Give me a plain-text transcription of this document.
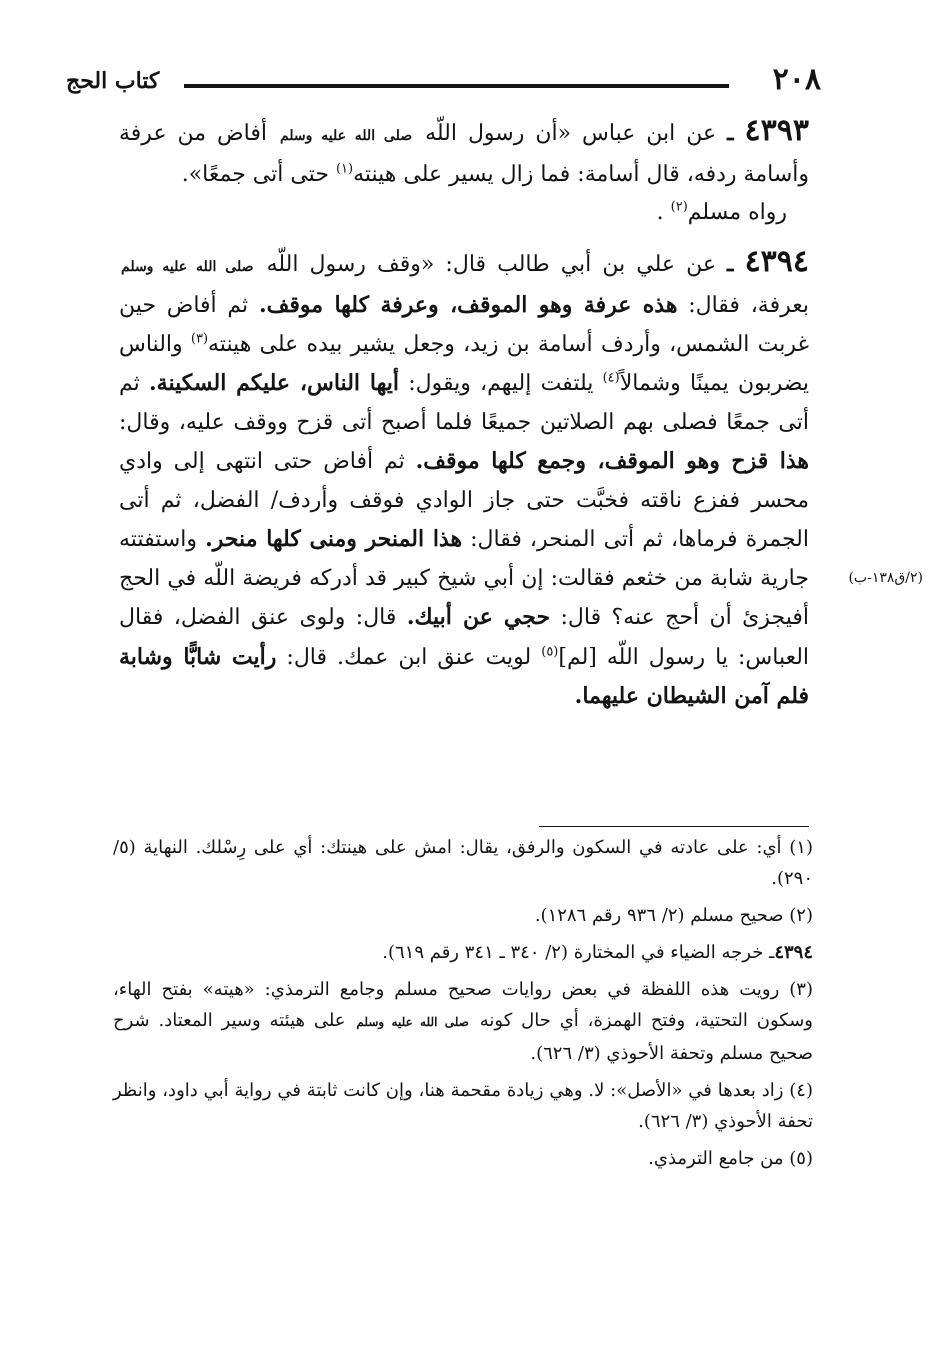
٢٠٨
كتاب الحج
(٢/ق١٣٨-ب)

٤٣٩٣ ـ عن ابن عباس «أن رسول اللّه صلى الله عليه وسلم أفاض من عرفة وأسامة ردفه، قال أسامة: فما زال يسير على هينته$^{(١)}$ حتى أتى جمعًا».
رواه مسلم$^{(٢)}$ .

٤٣٩٤ ـ عن علي بن أبي طالب قال: «وقف رسول اللّه صلى الله عليه وسلم بعرفة، فقال: هذه عرفة وهو الموقف، وعرفة كلها موقف. ثم أفاض حين غربت الشمس، وأردف أسامة بن زيد، وجعل يشير بيده على هينته$^{(٣)}$ والناس يضربون يمينًا وشمالاً$^{(٤)}$ يلتفت إليهم، ويقول: أيها الناس، عليكم السكينة. ثم أتى جمعًا فصلى بهم الصلاتين جميعًا فلما أصبح أتى قزح ووقف عليه، وقال: هذا قزح وهو الموقف، وجمع كلها موقف. ثم أفاض حتى انتهى إلى وادي محسر ففزع ناقته فخبَّت حتى جاز الوادي فوقف وأردف/ الفضل، ثم أتى الجمرة فرماها، ثم أتى المنحر، فقال: هذا المنحر ومنى كلها منحر. واستفتته جارية شابة من خثعم فقالت: إن أبي شيخ كبير قد أدركه فريضة اللّه في الحج أفيجزئ أن أحج عنه؟ قال: حجي عن أبيك. قال: ولوى عنق الفضل، فقال العباس: يا رسول اللّه [لم]$^{(٥)}$ لويت عنق ابن عمك. قال: رأيت شابًّا وشابة فلم آمن الشيطان عليهما.

(١) أي: على عادته في السكون والرفق، يقال: امش على هينتك: أي على رِسْلك. النهاية (٥/ ٢٩٠).

(٢) صحيح مسلم (٢/ ٩٣٦ رقم ١٢٨٦).

٤٣٩٤ـ خرجه الضياء في المختارة (٢/ ٣٤٠ ـ ٣٤١ رقم ٦١٩).

(٣) رويت هذه اللفظة في بعض روايات صحيح مسلم وجامع الترمذي: «هيته» بفتح الهاء، وسكون التحتية، وفتح الهمزة، أي حال كونه صلى الله عليه وسلم على هيئته وسير المعتاد. شرح صحيح مسلم وتحفة الأحوذي (٣/ ٦٢٦).

(٤) زاد بعدها في «الأصل»: لا. وهي زيادة مقحمة هنا، وإن كانت ثابتة في رواية أبي داود، وانظر تحفة الأحوذي (٣/ ٦٢٦).

(٥) من جامع الترمذي.
